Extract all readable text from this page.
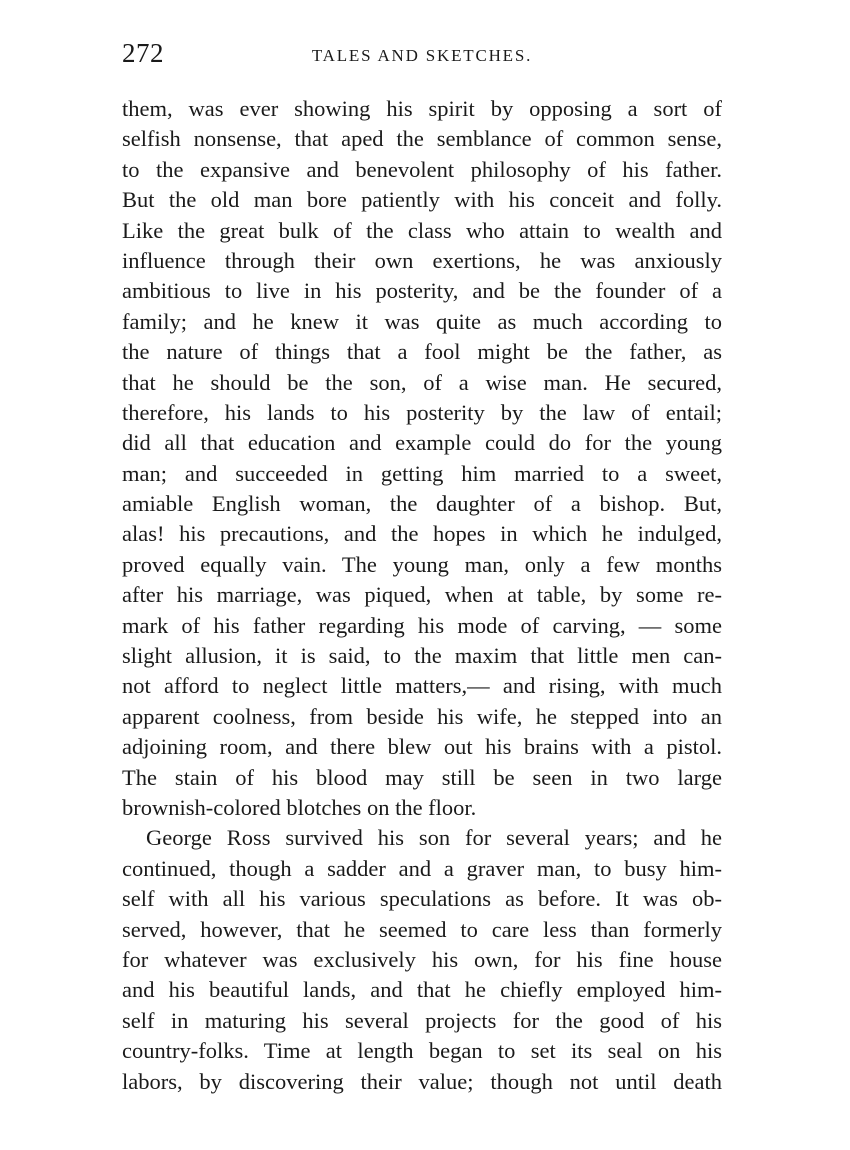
272	TALES AND SKETCHES.
them, was ever showing his spirit by opposing a sort of
selfish nonsense, that aped the semblance of common sense,
to the expansive and benevolent philosophy of his father.
But the old man bore patiently with his conceit and folly.
Like the great bulk of the class who attain to wealth and
influence through their own exertions, he was anxiously
ambitious to live in his posterity, and be the founder of a
family; and he knew it was quite as much according to
the nature of things that a fool might be the father, as
that he should be the son, of a wise man. He secured,
therefore, his lands to his posterity by the law of entail;
did all that education and example could do for the young
man; and succeeded in getting him married to a sweet,
amiable English woman, the daughter of a bishop. But,
alas! his precautions, and the hopes in which he indulged,
proved equally vain. The young man, only a few months
after his marriage, was piqued, when at table, by some re-
mark of his father regarding his mode of carving, — some
slight allusion, it is said, to the maxim that little men can-
not afford to neglect little matters,— and rising, with much
apparent coolness, from beside his wife, he stepped into an
adjoining room, and there blew out his brains with a pistol.
The stain of his blood may still be seen in two large
brownish-colored blotches on the floor.
George Ross survived his son for several years; and he
continued, though a sadder and a graver man, to busy him-
self with all his various speculations as before. It was ob-
served, however, that he seemed to care less than formerly
for whatever was exclusively his own, for his fine house
and his beautiful lands, and that he chiefly employed him-
self in maturing his several projects for the good of his
country-folks. Time at length began to set its seal on his
labors, by discovering their value; though not until death
